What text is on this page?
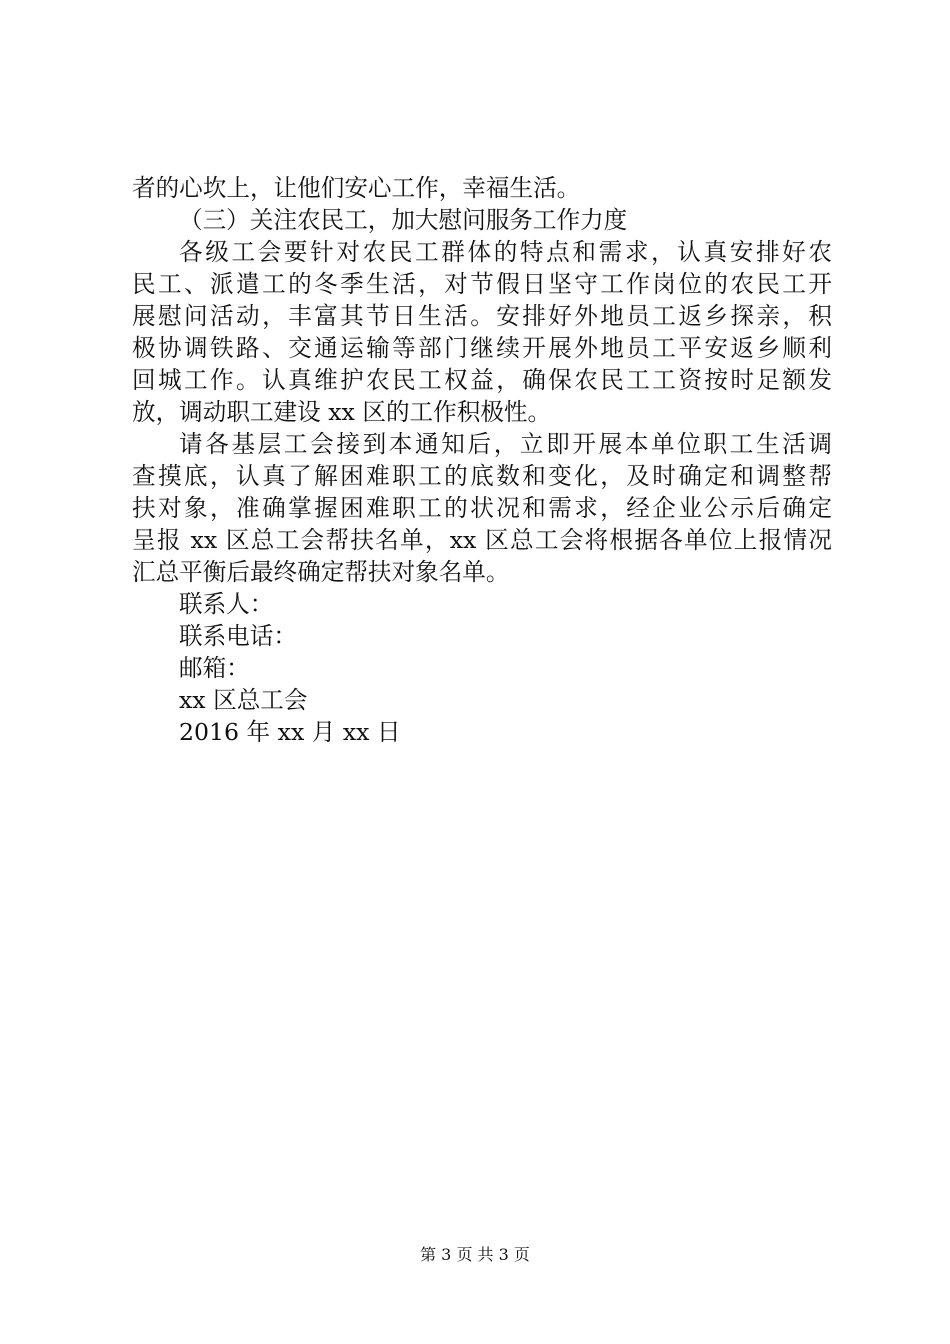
者的心坎上，让他们安心工作，幸福生活。
（三）关注农民工，加大慰问服务工作力度
各级工会要针对农民工群体的特点和需求，认真安排好农
民工、派遣工的冬季生活，对节假日坚守工作岗位的农民工开
展慰问活动，丰富其节日生活。安排好外地员工返乡探亲，积
极协调铁路、交通运输等部门继续开展外地员工平安返乡顺利
回城工作。认真维护农民工权益，确保农民工工资按时足额发
放，调动职工建设 xx 区的工作积极性。
请各基层工会接到本通知后，立即开展本单位职工生活调
查摸底，认真了解困难职工的底数和变化，及时确定和调整帮
扶对象，准确掌握困难职工的状况和需求，经企业公示后确定
呈报 xx 区总工会帮扶名单，xx 区总工会将根据各单位上报情况
汇总平衡后最终确定帮扶对象名单。
联系人：
联系电话：
邮箱：
xx 区总工会
2016 年 xx 月 xx 日
第 3 页 共 3 页
